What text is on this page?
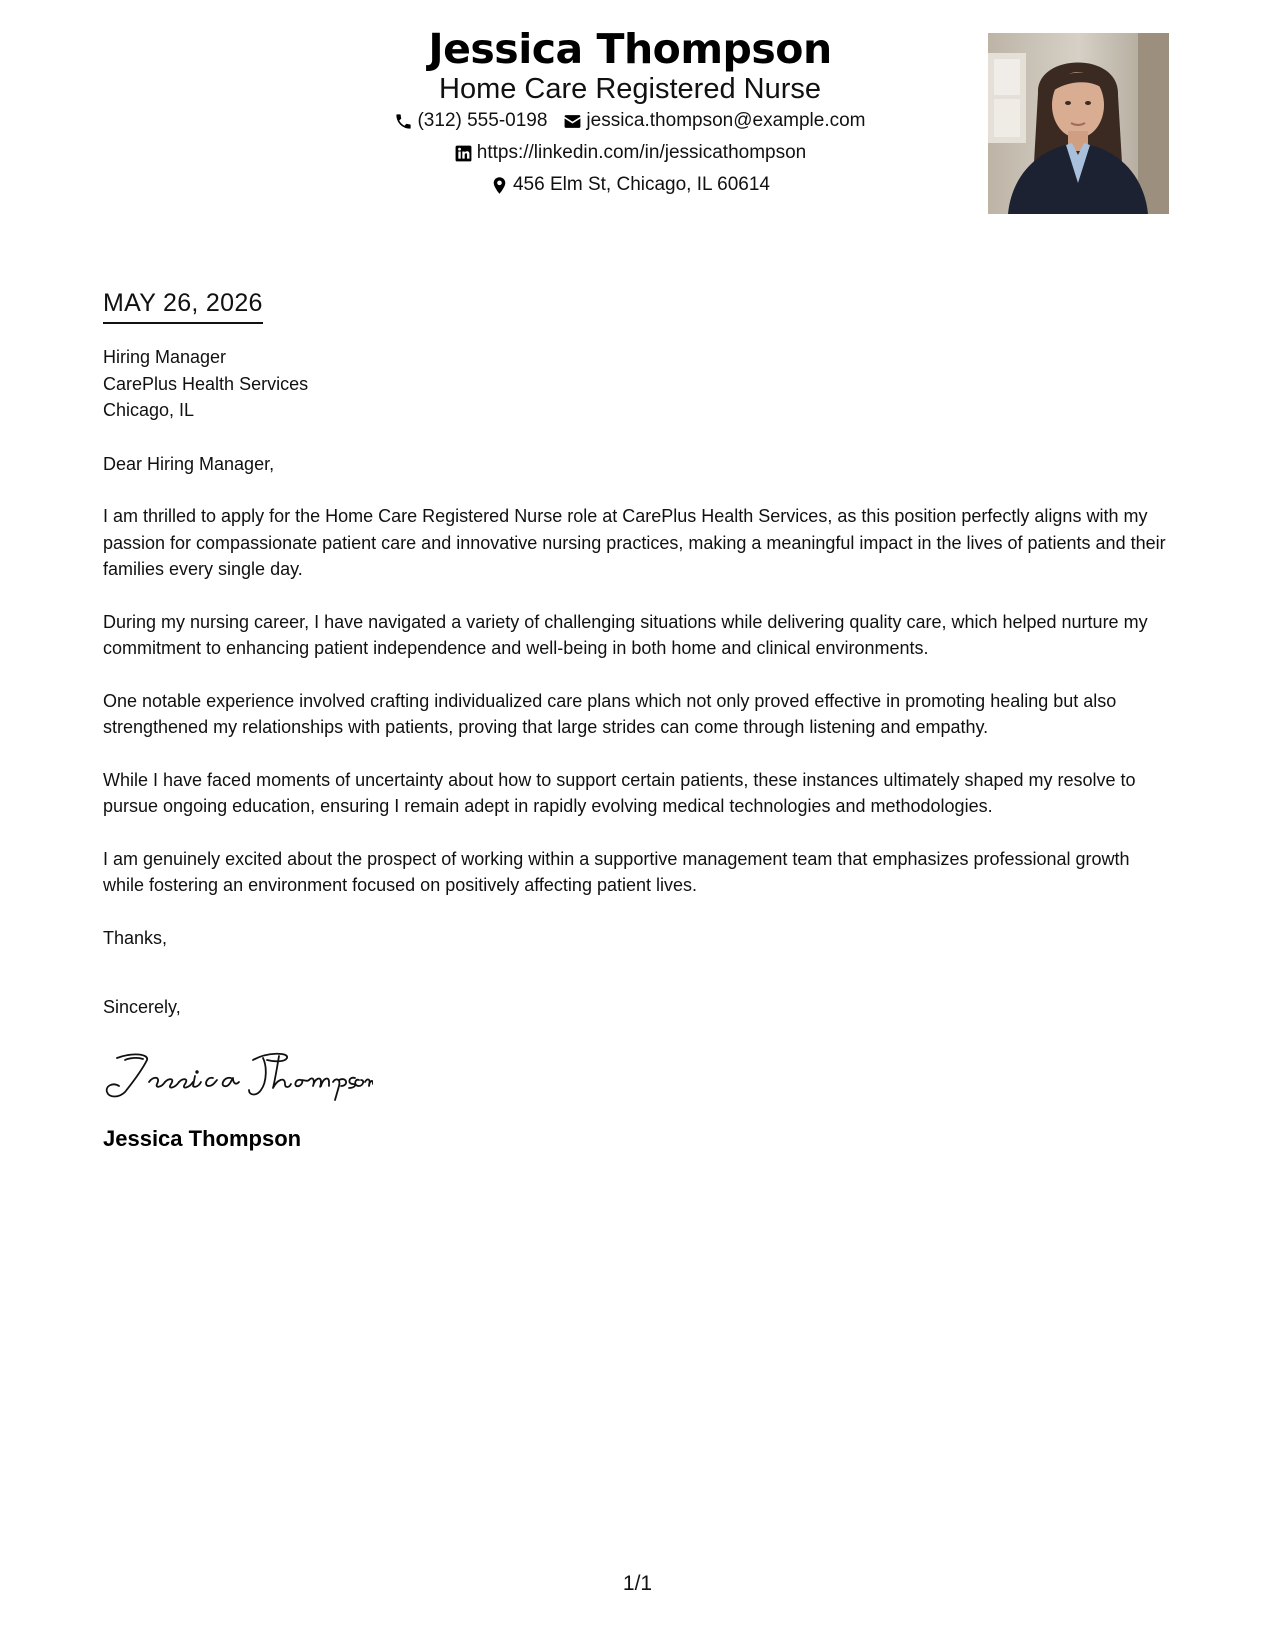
Jessica Thompson
Home Care Registered Nurse
(312) 555-0198 jessica.thompson@example.com
https://linkedin.com/in/jessicathompson
456 Elm St, Chicago, IL 60614
MAY 26, 2026
Hiring Manager
CarePlus Health Services
Chicago, IL
Dear Hiring Manager,
I am thrilled to apply for the Home Care Registered Nurse role at CarePlus Health Services, as this position perfectly aligns with my passion for compassionate patient care and innovative nursing practices, making a meaningful impact in the lives of patients and their families every single day.
During my nursing career, I have navigated a variety of challenging situations while delivering quality care, which helped nurture my commitment to enhancing patient independence and well-being in both home and clinical environments.
One notable experience involved crafting individualized care plans which not only proved effective in promoting healing but also strengthened my relationships with patients, proving that large strides can come through listening and empathy.
While I have faced moments of uncertainty about how to support certain patients, these instances ultimately shaped my resolve to pursue ongoing education, ensuring I remain adept in rapidly evolving medical technologies and methodologies.
I am genuinely excited about the prospect of working within a supportive management team that emphasizes professional growth while fostering an environment focused on positively affecting patient lives.
Thanks,
Sincerely,
Jessica Thompson
1/1
